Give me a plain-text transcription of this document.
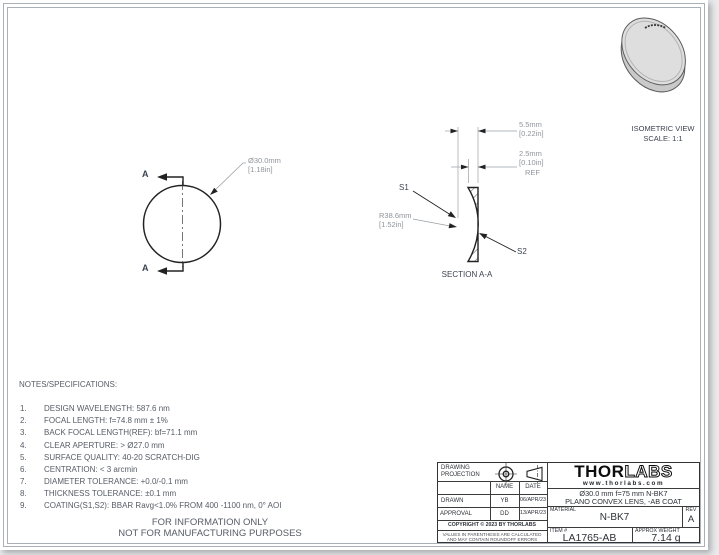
A
A
Ø30.0mm
[1.18in]
5.5mm
[0.22in]
2.5mm
[0.10in]
REF
R38.6mm
[1.52in]
S1
S2
SECTION A-A
ISOMETRIC VIEW
SCALE: 1:1
NOTES/SPECIFICATIONS:
1. DESIGN WAVELENGTH: 587.6 nm
2. FOCAL LENGTH: f=74.8 mm ± 1%
3. BACK FOCAL LENGTH(REF): bf=71.1 mm
4. CLEAR APERTURE: > Ø27.0 mm
5. SURFACE QUALITY: 40-20 SCRATCH-DIG
6. CENTRATION: < 3 arcmin
7. DIAMETER TOLERANCE: +0.0/-0.1 mm
8. THICKNESS TOLERANCE: ±0.1 mm
9. COATING(S1,S2): BBAR Ravg<1.0% FROM 400 -1100 nm, 0° AOI
FOR INFORMATION ONLY
NOT FOR MANUFACTURING PURPOSES
DRAWING
PROJECTION
NAME	DATE
DRAWN	YB	06/APR/23
APPROVAL	DD	13/APR/23
COPYRIGHT © 2023 BY THORLABS
VALUES IN PARENTHESIS ARE CALCULATED
AND MAY CONTAIN ROUNDOFF ERRORS
THORLABS
www.thorlabs.com
Ø30.0 mm f=75 mm N-BK7
PLANO CONVEX LENS, -AB COAT
MATERIAL
N-BK7
REV
A
ITEM #
LA1765-AB
APPROX WEIGHT
7.14 g
